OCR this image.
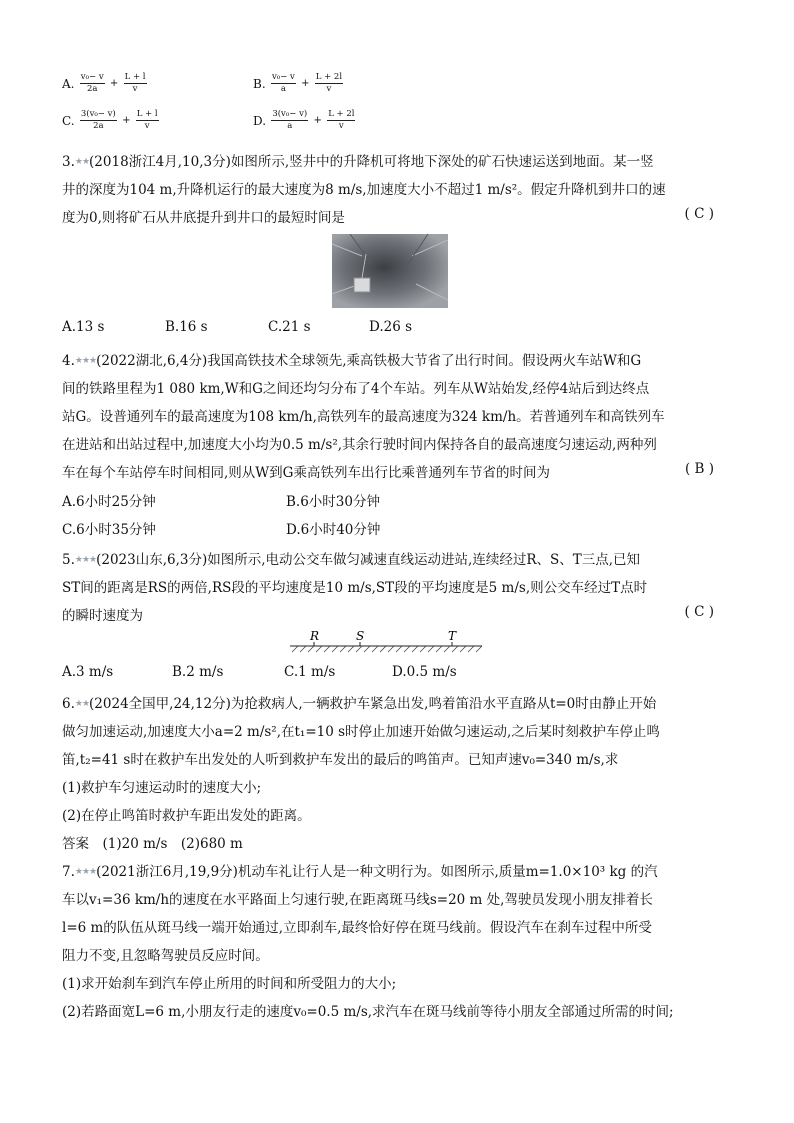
A. $\frac{\text{v₀− v}}{2a} + \frac{L + l}{v}$	B. $\frac{\text{v₀− v}}{a} + \frac{L + 2l}{v}$
C. $\frac{\text{3(v₀− v)}}{2a} + \frac{L + l}{v}$	D. $\frac{\text{3(v₀− v)}}{a} + \frac{L + 2l}{v}$
3.★★(2018浙江4月,10,3分)如图所示,竖井中的升降机可将地下深处的矿石快速运送到地面。某一竖
井的深度为104 m,升降机运行的最大速度为8 m/s,加速度大小不超过1 m/s²。假定升降机到井口的速
度为0,则将矿石从井底提升到井口的最短时间是	( C )
A.13 s	B.16 s	C.21 s	D.26 s
4.★★★(2022湖北,6,4分)我国高铁技术全球领先,乘高铁极大节省了出行时间。假设两火车站W和G
间的铁路里程为1 080 km,W和G之间还均匀分布了4个车站。列车从W站始发,经停4站后到达终点
站G。设普通列车的最高速度为108 km/h,高铁列车的最高速度为324 km/h。若普通列车和高铁列车
在进站和出站过程中,加速度大小均为0.5 m/s²,其余行驶时间内保持各自的最高速度匀速运动,两种列
车在每个车站停车时间相同,则从W到G乘高铁列车出行比乘普通列车节省的时间为	( B )
A.6小时25分钟	B.6小时30分钟
C.6小时35分钟	D.6小时40分钟
5.★★★(2023山东,6,3分)如图所示,电动公交车做匀减速直线运动进站,连续经过R、S、T三点,已知
ST间的距离是RS的两倍,RS段的平均速度是10 m/s,ST段的平均速度是5 m/s,则公交车经过T点时
的瞬时速度为	( C )
R	S	T
A.3 m/s	B.2 m/s	C.1 m/s	D.0.5 m/s
6.★★(2024全国甲,24,12分)为抢救病人,一辆救护车紧急出发,鸣着笛沿水平直路从t=0时由静止开始
做匀加速运动,加速度大小a=2 m/s²,在t₁=10 s时停止加速开始做匀速运动,之后某时刻救护车停止鸣
笛,t₂=41 s时在救护车出发处的人听到救护车发出的最后的鸣笛声。已知声速v₀=340 m/s,求
(1)救护车匀速运动时的速度大小;
(2)在停止鸣笛时救护车距出发处的距离。
答案　(1)20 m/s　(2)680 m
7.★★★(2021浙江6月,19,9分)机动车礼让行人是一种文明行为。如图所示,质量m=1.0×10³ kg 的汽
车以v₁=36 km/h的速度在水平路面上匀速行驶,在距离斑马线s=20 m 处,驾驶员发现小朋友排着长
l=6 m的队伍从斑马线一端开始通过,立即刹车,最终恰好停在斑马线前。假设汽车在刹车过程中所受
阻力不变,且忽略驾驶员反应时间。
(1)求开始刹车到汽车停止所用的时间和所受阻力的大小;
(2)若路面宽L=6 m,小朋友行走的速度v₀=0.5 m/s,求汽车在斑马线前等待小朋友全部通过所需的时间;
